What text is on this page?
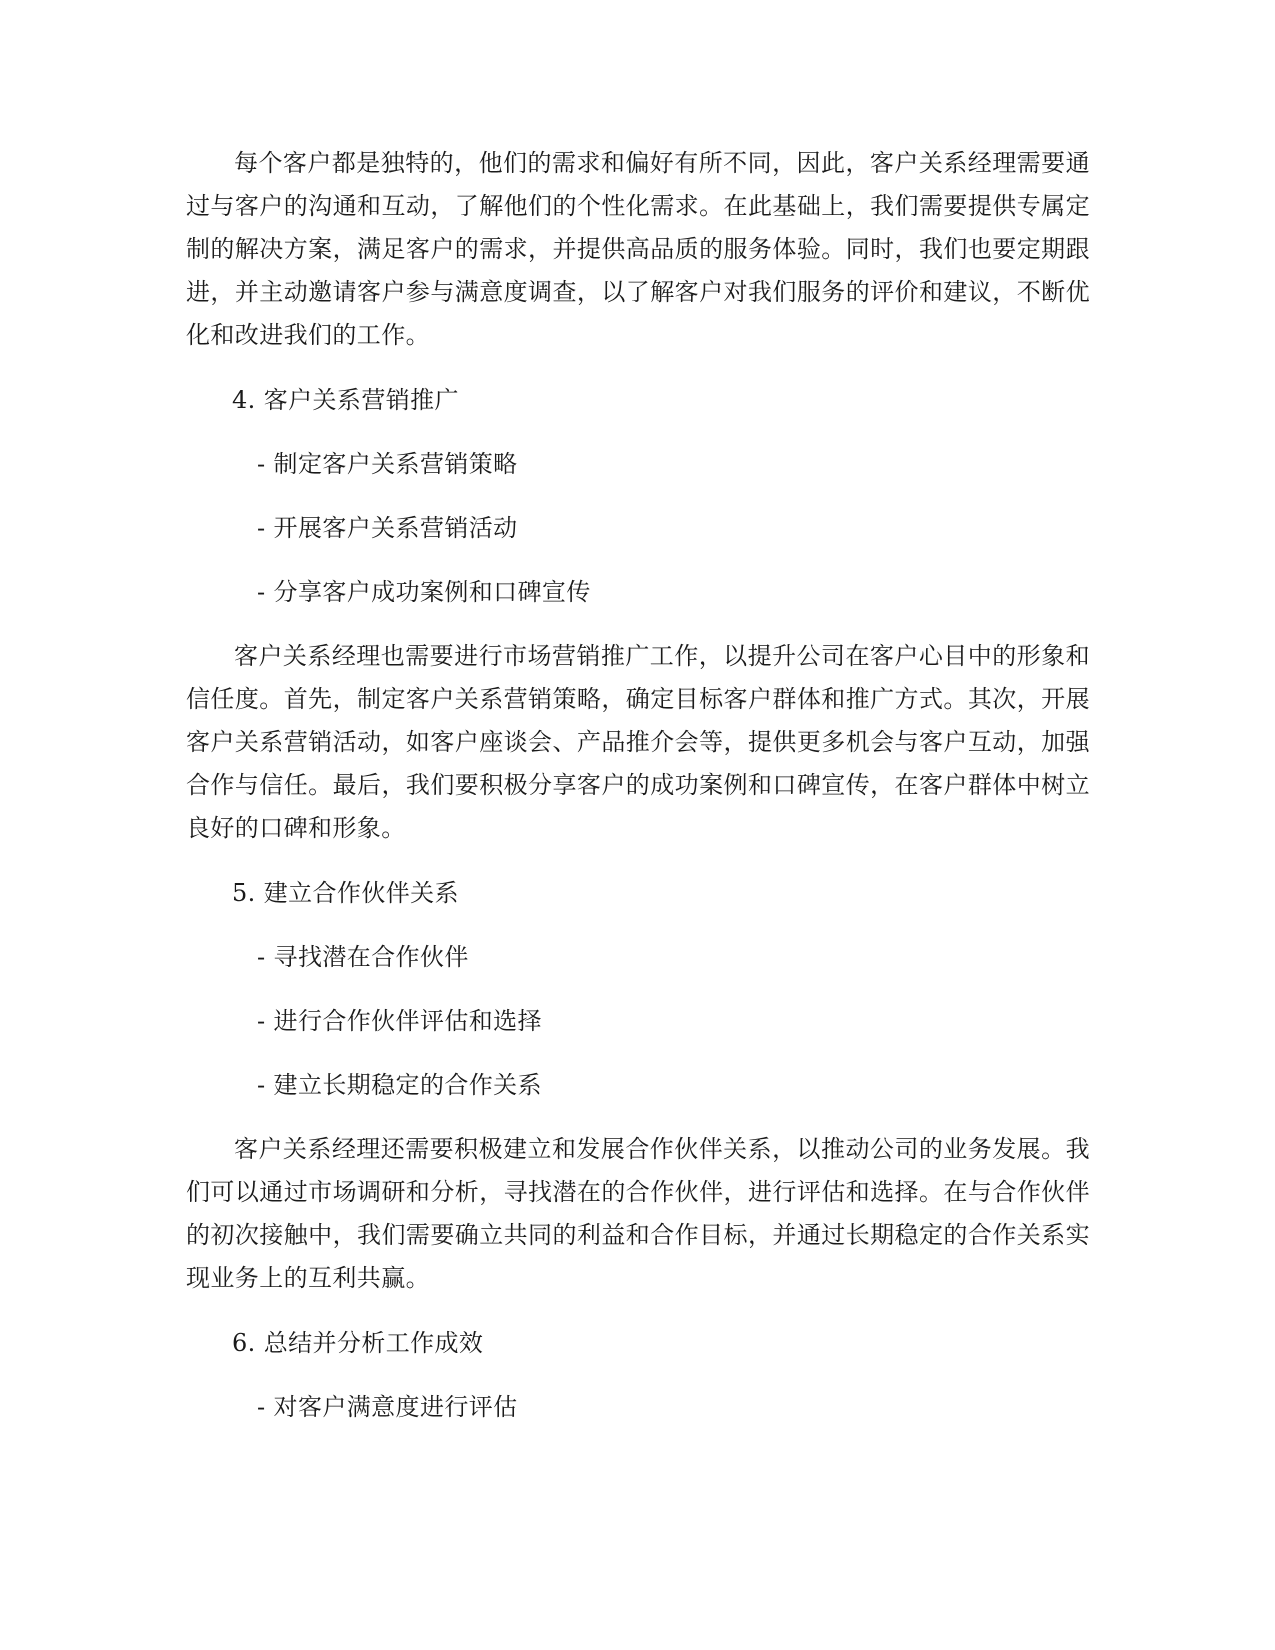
每个客户都是独特的，他们的需求和偏好有所不同，因此，客户关系经理需要通过与客户的沟通和互动，了解他们的个性化需求。在此基础上，我们需要提供专属定制的解决方案，满足客户的需求，并提供高品质的服务体验。同时，我们也要定期跟进，并主动邀请客户参与满意度调查，以了解客户对我们服务的评价和建议，不断优化和改进我们的工作。

4. 客户关系营销推广

- 制定客户关系营销策略

- 开展客户关系营销活动

- 分享客户成功案例和口碑宣传

客户关系经理也需要进行市场营销推广工作，以提升公司在客户心目中的形象和信任度。首先，制定客户关系营销策略，确定目标客户群体和推广方式。其次，开展客户关系营销活动，如客户座谈会、产品推介会等，提供更多机会与客户互动，加强合作与信任。最后，我们要积极分享客户的成功案例和口碑宣传，在客户群体中树立良好的口碑和形象。

5. 建立合作伙伴关系

- 寻找潜在合作伙伴

- 进行合作伙伴评估和选择

- 建立长期稳定的合作关系

客户关系经理还需要积极建立和发展合作伙伴关系，以推动公司的业务发展。我们可以通过市场调研和分析，寻找潜在的合作伙伴，进行评估和选择。在与合作伙伴的初次接触中，我们需要确立共同的利益和合作目标，并通过长期稳定的合作关系实现业务上的互利共赢。

6. 总结并分析工作成效

- 对客户满意度进行评估
